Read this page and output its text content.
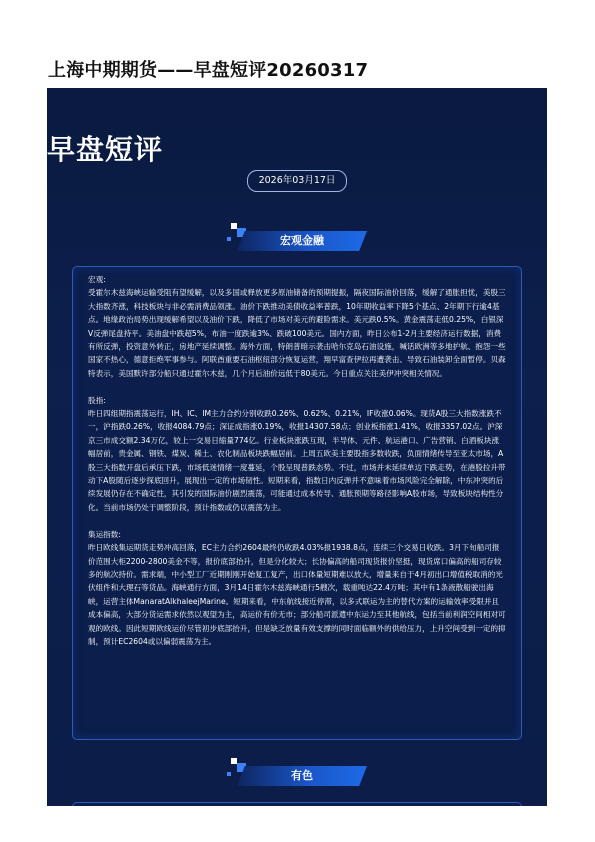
上海中期期货——早盘短评20260317
早盘短评
2026年03月17日
宏观金融

宏观:

受霍尔木兹海峡运输受阻有望缓解，以及多国或释放更多原油储备的预期提振，隔夜国际油价回落，缓解了通胀担忧，美股三大指数齐涨，科技板块与非必需消费品领涨。油价下跌推动美债收益率普跌，10年期收益率下降5个基点、2年期下行逾4基点。地缘政治局势出现缓解希望以及油价下跌，降低了市场对美元的避险需求。美元跌0.5%。黄金震荡走低0.25%，白银深V反弹尾盘持平。美油盘中跌超5%，布油一度跌逾3%、跌破100美元。国内方面，昨日公布1-2月主要经济运行数据，消费有所反弹，投资意外转正，房地产延续调整。海外方面，特朗普暗示袭击哈尔克岛石油设施，喊话欧洲等多地护航、抱怨一些国家不热心，德意拒绝军事参与。阿联酋重要石油枢纽部分恢复运营，翔早富查伊拉再遭袭击、导致石油装卸全面暂停。贝森特表示，美国默许部分船只通过霍尔木兹，几个月后油价远低于80美元。今日重点关注美伊冲突相关情况。

股指:

昨日四组期指震荡运行，IH、IC、IM主力合约分别收跌0.26%、0.62%、0.21%，IF收涨0.06%。现货A股三大指数涨跌不一，沪指跌0.26%，收报4084.79点；深证成指涨0.19%，收报14307.58点；创业板指涨1.41%，收报3357.02点。沪深京三市成交额2.34万亿，较上一交易日缩量774亿。行业板块涨跌互现，半导体、元件、航运港口、广告营销、白酒板块涨幅居前，贵金属、钢铁、煤炭、稀土、农化制品板块跌幅居前。上周五欧美主要股指多数收跌，负面情绪传导至亚太市场，A股三大指数开盘后承压下跌，市场低迷情绪一度蔓延，个股呈现普跌态势。不过，市场并未延续单边下跌走势，在港股拉升带动下A股随后逐步探底回升，展现出一定的市场韧性。短期来看，指数日内反弹并不意味着市场风险完全解除，中东冲突的后续发展仍存在不确定性，其引发的国际油价剧烈震荡，可能通过成本传导、通胀预期等路径影响A股市场，导致板块结构性分化。当前市场仍处于调整阶段，预计指数或仍以震荡为主。

集运指数:

昨日欧线集运期货走势冲高回落，EC主力合约2604最终仍收跌4.03%报1938.8点，连续三个交易日收跌。3月下旬船司报价范围大柜2200-2800美金不等，报价底部抬升，但是分化较大；长协偏高的船司现货报价坚挺，现货席口偏高的船司存较多的航次持价。需求端，中小型工厂近期刚刚开始复工复产，出口体量短期难以放大，增量来自于4月初出口增值税取消的光伏组件和大理石等货品。海峡通行方面，3月14日霍尔木兹海峡通行5艘次，载重吨达22.4万吨；其中有1条液散船驶出海峡，运营主体ManaratAlkhaleejMarine。短期来看，中东航线接近停滞，以多式联运为主的替代方案的运输效率受限并且成本偏高，大部分货运需求依然以观望为主，高运价有价无市；部分船司派遣中东运力至其他航线，包括当前利润空间相对可观的欧线。因此短期欧线运价尽管初步底部抬升，但是缺乏放量有效支撑的同时面临额外的供给压力，上升空间受到一定的抑制，预计EC2604或以偏弱震荡为主。

有色
